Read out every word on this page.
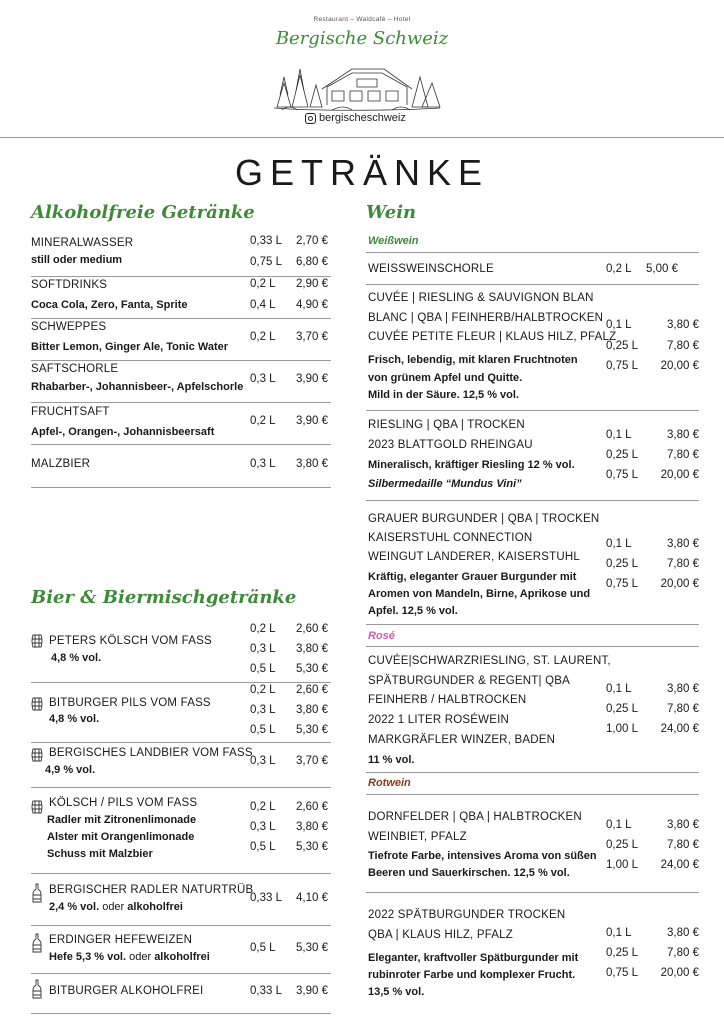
Restaurant – Waldcafé – Hotel
Bergische Schweiz
bergischeschweiz
GETRÄNKE
Alkoholfreie Getränke
MINERALWASSER
still oder medium
0,33 L	2,70 €
0,75 L	6,80 €
SOFTDRINKS
Coca Cola, Zero, Fanta, Sprite
0,2 L	2,90 €
0,4 L	4,90 €
SCHWEPPES
Bitter Lemon, Ginger Ale, Tonic Water
0,2 L	3,70 €
SAFTSCHORLE
Rhabarber-, Johannisbeer-, Apfelschorle
0,3 L	3,90 €
FRUCHTSAFT
Apfel-, Orangen-, Johannisbeersaft
0,2 L	3,90 €
MALZBIER	0,3 L	3,80 €
Bier & Biermischgetränke
PETERS KÖLSCH VOM FASS
4,8 % vol.
0,2 L	2,60 €
0,3 L	3,80 €
0,5 L	5,30 €
BITBURGER PILS VOM FASS
4,8 % vol.
0,2 L	2,60 €
0,3 L	3,80 €
0,5 L	5,30 €
BERGISCHES LANDBIER VOM FASS
4,9 % vol.
0,3 L	3,70 €
KÖLSCH / PILS VOM FASS
Radler mit Zitronenlimonade
Alster mit Orangenlimonade
Schuss mit Malzbier
0,2 L	2,60 €
0,3 L	3,80 €
0,5 L	5,30 €
BERGISCHER RADLER NATURTRÜB
2,4 % vol. oder alkoholfrei
0,33 L	4,10 €
ERDINGER HEFEWEIZEN
Hefe 5,3 % vol. oder alkoholfrei
0,5 L	5,30 €
BITBURGER ALKOHOLFREI	0,33 L	3,90 €
Wein
Weißwein
WEISSWEINSCHORLE	0,2 L	5,00 €
CUVÉE | RIESLING & SAUVIGNON BLAN
BLANC | QBA | FEINHERB/HALBTROCKEN
CUVÉE PETITE FLEUR | KLAUS HILZ, PFALZ
Frisch, lebendig, mit klaren Fruchtnoten
von grünem Apfel und Quitte.
Mild in der Säure. 12,5 % vol.
0,1 L	3,80 €
0,25 L	7,80 €
0,75 L	20,00 €
RIESLING | QBA | TROCKEN
2023 BLATTGOLD RHEINGAU
Mineralisch, kräftiger Riesling 12 % vol.
Silbermedaille “Mundus Vini”
0,1 L	3,80 €
0,25 L	7,80 €
0,75 L	20,00 €
GRAUER BURGUNDER | QBA | TROCKEN
KAISERSTUHL CONNECTION
WEINGUT LANDERER, KAISERSTUHL
Kräftig, eleganter Grauer Burgunder mit
Aromen von Mandeln, Birne, Aprikose und
Apfel. 12,5 % vol.
0,1 L	3,80 €
0,25 L	7,80 €
0,75 L	20,00 €
Rosé
CUVÉE|SCHWARZRIESLING, ST. LAURENT,
SPÄTBURGUNDER & REGENT| QBA
FEINHERB / HALBTROCKEN
2022 1 LITER ROSÉWEIN
MARKGRÄFLER WINZER, BADEN
11 % vol.
0,1 L	3,80 €
0,25 L	7,80 €
1,00 L	24,00 €
Rotwein
DORNFELDER | QBA | HALBTROCKEN
WEINBIET, PFALZ
Tiefrote Farbe, intensives Aroma von süßen
Beeren und Sauerkirschen. 12,5 % vol.
0,1 L	3,80 €
0,25 L	7,80 €
1,00 L	24,00 €
2022 SPÄTBURGUNDER TROCKEN
QBA | KLAUS HILZ, PFALZ
Eleganter, kraftvoller Spätburgunder mit
rubinroter Farbe und komplexer Frucht.
13,5 % vol.
0,1 L	3,80 €
0,25 L	7,80 €
0,75 L	20,00 €
